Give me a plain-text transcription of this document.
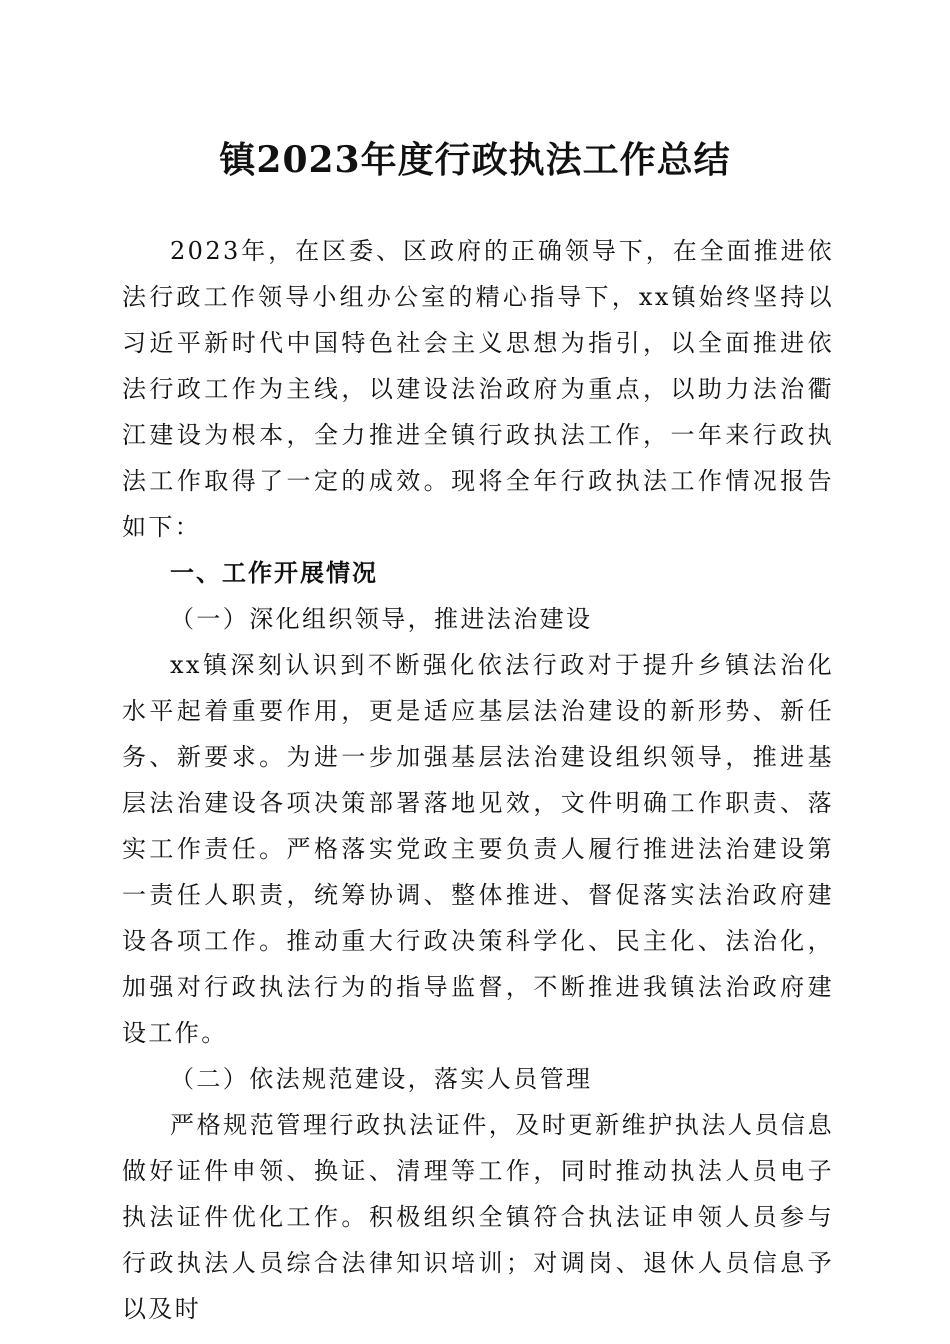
镇2023年度行政执法工作总结

2023年，在区委、区政府的正确领导下，在全面推进依法行政工作领导小组办公室的精心指导下，xx镇始终坚持以习近平新时代中国特色社会主义思想为指引，以全面推进依法行政工作为主线，以建设法治政府为重点，以助力法治衢江建设为根本，全力推进全镇行政执法工作，一年来行政执法工作取得了一定的成效。现将全年行政执法工作情况报告如下：

一、工作开展情况

（一）深化组织领导，推进法治建设

xx镇深刻认识到不断强化依法行政对于提升乡镇法治化水平起着重要作用，更是适应基层法治建设的新形势、新任务、新要求。为进一步加强基层法治建设组织领导，推进基层法治建设各项决策部署落地见效，文件明确工作职责、落实工作责任。严格落实党政主要负责人履行推进法治建设第一责任人职责，统筹协调、整体推进、督促落实法治政府建设各项工作。推动重大行政决策科学化、民主化、法治化，加强对行政执法行为的指导监督，不断推进我镇法治政府建设工作。

（二）依法规范建设，落实人员管理

严格规范管理行政执法证件，及时更新维护执法人员信息做好证件申领、换证、清理等工作，同时推动执法人员电子执法证件优化工作。积极组织全镇符合执法证申领人员参与行政执法人员综合法律知识培训；对调岗、退休人员信息予以及时
